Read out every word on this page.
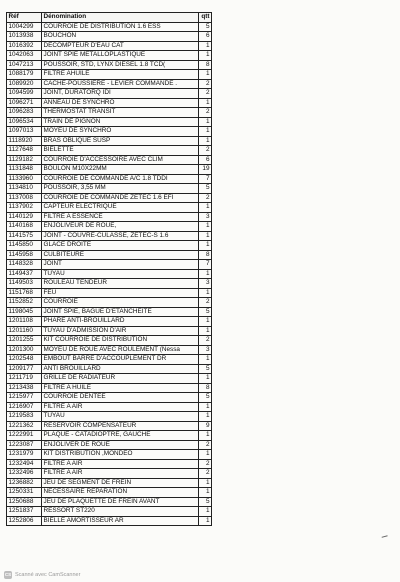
Réf	Dénomination	qtt
1004299	COURROIE DE DISTRIBUTION 1.6 ESS	5
1013938	BOUCHON	6
1016392	DECOMPTEUR D'EAU CAT	1
1042063	JOINT SPIE METALLOPLASTIQUE	1
1047213	POUSSOIR, STD, LYNX DIESEL 1.8 TCD(	8
1088179	FILTRE AHUILE	1
1089920	CACHE-POUSSIERE - LEVIER COMMANDE .	2
1094599	JOINT, DURATORQ IDI	2
1096271	ANNEAU DE SYNCHRO	1
1096283	THERMOSTAT TRANSIT	2
1096534	TRAIN DE PIGNON	1
1097013	MOYEU DE SYNCHRO	1
1118920	BRAS OBLIQUE SUSP	1
1127648	BIELETTE	2
1129182	COURROIE D'ACCESSOIRE AVEC CLIM	6
1131848	BOULON M10X22MM	19
1133960	COURROIE DE COMMANDE A/C 1.8 TDDI	7
1134810	POUSSOIR, 3,55 MM	5
1137008	COURROIE DE COMMANDE ZETEC 1.6 EFI	2
1137902	CAPTEUR ELECTRIQUE	1
1140129	FILTRE A ESSENCE	3
1140168	ENJOLIVEUR DE ROUE,	1
1141575	JOINT - COUVRE-CULASSE, ZETEC-S 1.6	1
1145850	GLACE DROITE	1
1145958	CULBITEURE	8
1148328	JOINT	7
1149437	TUYAU	1
1149503	ROULEAU TENDEUR	3
1151768	FEU	1
1152852	COURROIE	2
1198045	JOINT SPIE, BAGUE D'ETANCHEITE	5
1201108	PHARE ANTI-BROUILLARD	1
1201160	TUYAU D'ADMISSION D'AIR	1
1201255	KIT COURROIE DE DISTRIBUTION	2
1201300	MOYEU DE ROUE AVEC ROULEMENT (Nessa	3
1202548	EMBOUT BARRE D'ACCOUPLEMENT DR	1
1209177	ANTI BROUILLARD	5
1211719	GRILLE DE RADIATEUR	1
1213438	FILTRE A HUILE	8
1215977	COURROIE DENTEE	5
1216907	FILTRE A AIR	1
1219583	TUYAU	1
1221362	RESERVOIR COMPENSATEUR	9
1222991	PLAQUE - CATADIOPTRE, GAUCHE	1
1223087	ENJOLIVER DE ROUE	2
1231979	KIT DISTRIBUTION ,MONDEO	1
1232494	FILTRE A AIR	2
1232496	FILTRE A AIR	2
1236882	JEU DE SEGMENT DE FREIN	1
1250331	NECESSAIRE REPARATION	1
1250688	JEU DE PLAQUETTE DE FREIN AVANT	5
1251837	RESSORT ST220	1
1252806	BIELLE AMORTISSEUR AR	1
CS Scanné avec CamScanner
